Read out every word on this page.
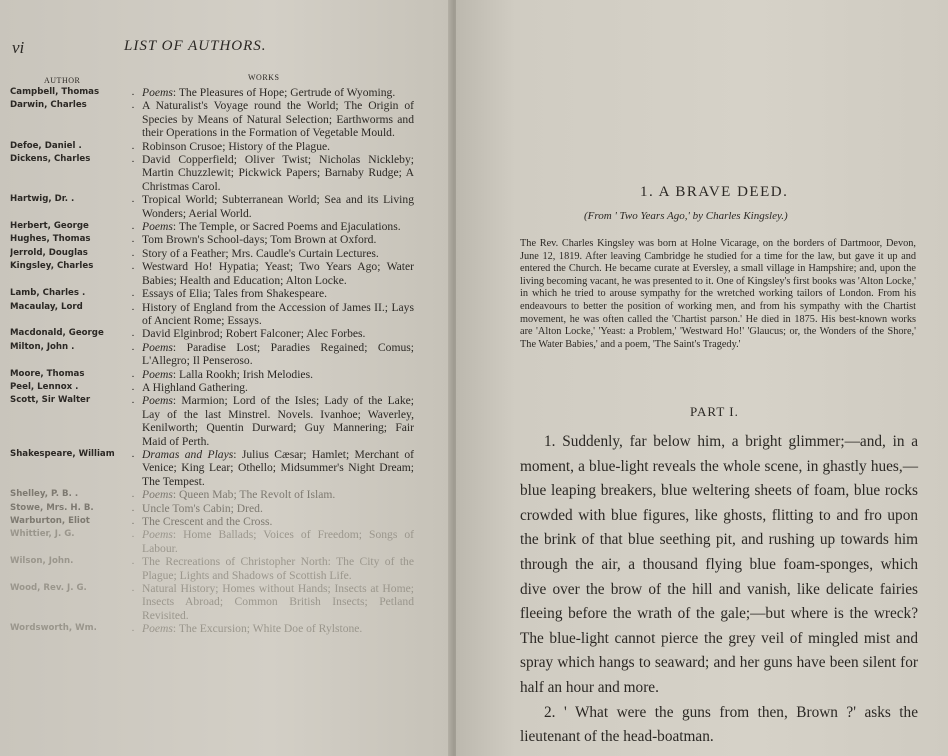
vi	LIST OF AUTHORS.
AUTHOR	WORKS
Campbell, Thomas	. Poems: The Pleasures of Hope; Gertrude of Wyoming.
Darwin, Charles	. A Naturalist's Voyage round the World; The Origin of Species by Means of Natural Selection; Earthworms and their Operations in the Formation of Vegetable Mould.
Defoe, Daniel .	. Robinson Crusoe; History of the Plague.
Dickens, Charles	. David Copperfield; Oliver Twist; Nicholas Nickleby; Martin Chuzzlewit; Pickwick Papers; Barnaby Rudge; A Christmas Carol.
Hartwig, Dr. .	. Tropical World; Subterranean World; Sea and its Living Wonders; Aerial World.
Herbert, George	. Poems: The Temple, or Sacred Poems and Ejaculations.
Hughes, Thomas	. Tom Brown's School-days; Tom Brown at Oxford.
Jerrold, Douglas	. Story of a Feather; Mrs. Caudle's Curtain Lectures.
Kingsley, Charles	. Westward Ho! Hypatia; Yeast; Two Years Ago; Water Babies; Health and Education; Alton Locke.
Lamb, Charles .	. Essays of Elia; Tales from Shakespeare.
Macaulay, Lord	. History of England from the Accession of James II.; Lays of Ancient Rome; Essays.
Macdonald, George	. David Elginbrod; Robert Falconer; Alec Forbes.
Milton, John .	. Poems: Paradise Lost; Paradies Regained; Comus; L'Allegro; Il Penseroso.
Moore, Thomas	. Poems: Lalla Rookh; Irish Melodies.
Peel, Lennox .	. A Highland Gathering.
Scott, Sir Walter	. Poems: Marmion; Lord of the Isles; Lady of the Lake; Lay of the last Minstrel. Novels. Ivanhoe; Waverley, Kenilworth; Quentin Durward; Guy Mannering; Fair Maid of Perth.
Shakespeare, William	. Dramas and Plays: Julius Cæsar; Hamlet; Merchant of Venice; King Lear; Othello; Midsummer's Night Dream; The Tempest.
Shelley, P. B. .	. Poems: Queen Mab; The Revolt of Islam.
Stowe, Mrs. H. B.	. Uncle Tom's Cabin; Dred.
Warburton, Eliot	. The Crescent and the Cross.
Whittier, J. G.	. Poems: Home Ballads; Voices of Freedom; Songs of Labour.
Wilson, John.	. The Recreations of Christopher North: The City of the Plague; Lights and Shadows of Scottish Life.
Wood, Rev. J. G.	. Natural History; Homes without Hands; Insects at Home; Insects Abroad; Common British Insects; Petland Revisited.
Wordsworth, Wm.	. Poems: The Excursion; White Doe of Rylstone.
1. A BRAVE DEED.
(From ' Two Years Ago,' by Charles Kingsley.)
The Rev. Charles Kingsley was born at Holne Vicarage, on the borders of Dartmoor, Devon, June 12, 1819. After leaving Cambridge he studied for a time for the law, but gave it up and entered the Church. He became curate at Eversley, a small village in Hampshire; and, upon the living becoming vacant, he was presented to it. One of Kingsley's first books was 'Alton Locke,' in which he tried to arouse sympathy for the wretched working tailors of London. From his endeavours to better the position of working men, and from his sympathy with the Chartist movement, he was often called the 'Chartist parson.' He died in 1875. His best-known works are 'Alton Locke,' 'Yeast: a Problem,' 'Westward Ho!' 'Glaucus; or, the Wonders of the Shore,' The Water Babies,' and a poem, 'The Saint's Tragedy.'
PART I.

1. Suddenly, far below him, a bright glimmer;—and, in a moment, a blue-light reveals the whole scene, in ghastly hues,—blue leaping breakers, blue weltering sheets of foam, blue rocks crowded with blue figures, like ghosts, flitting to and fro upon the brink of that blue seething pit, and rushing up towards him through the air, a thousand flying blue foam-sponges, which dive over the brow of the hill and vanish, like delicate fairies fleeing before the wrath of the gale;—but where is the wreck? The blue-light cannot pierce the grey veil of mingled mist and spray which hangs to seaward; and her guns have been silent for half an hour and more.

2. ' What were the guns from then, Brown ?' asks the lieutenant of the head-boatman.
